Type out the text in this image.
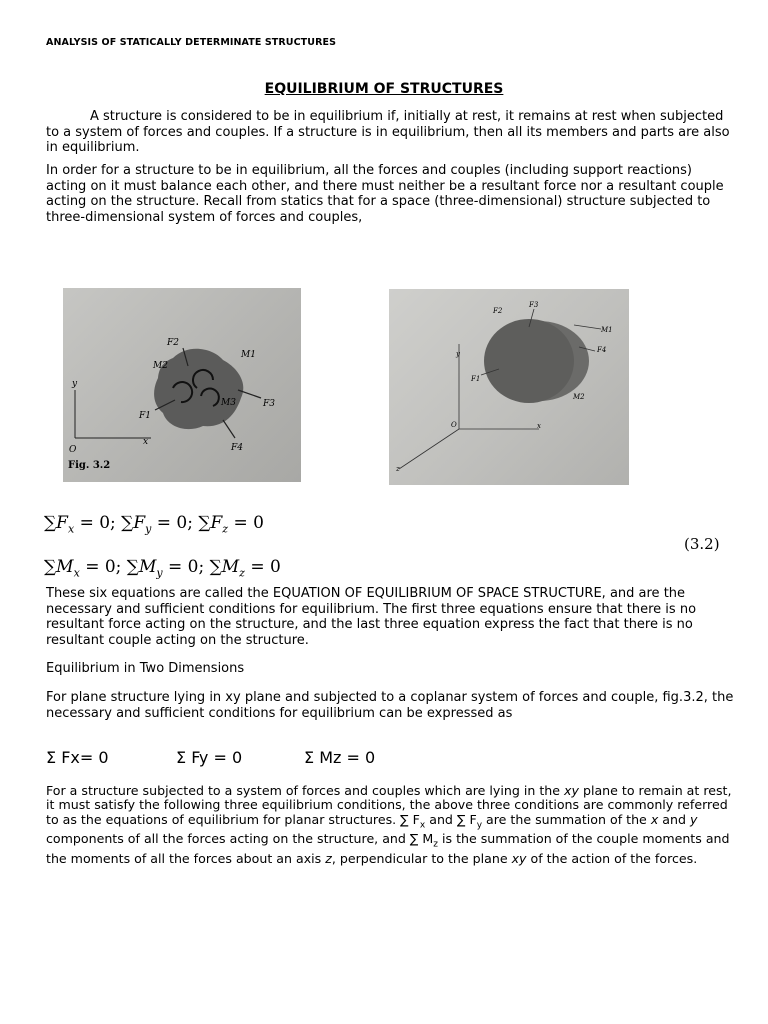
ANALYSIS OF STATICALLY DETERMINATE STRUCTURES
EQUILIBRIUM OF STRUCTURES
A structure is considered to be in equilibrium if, initially at rest, it remains at rest when subjected to a system of forces and couples. If a structure is in equilibrium, then all its members and parts are also in equilibrium.
In order for a structure to be in equilibrium, all the forces and couples (including support reactions) acting on it must balance each other, and there must neither be a resultant force nor a resultant couple acting on the structure. Recall from statics that for a space (three-dimensional) structure subjected to three-dimensional system of forces and couples,
F2
M1
M2
M3	F3
F1
F4
x
y
O
Fig. 3.2
F3
F2
M1
F4
F1
M2
y
x
O
z
$\sum F_x = 0$; $\sum F_y = 0$; $\sum F_z = 0$
(3.2)
$\sum M_x = 0$; $\sum M_y = 0$; $\sum M_z = 0$
These six equations are called the EQUATION OF EQUILIBRIUM OF SPACE STRUCTURE, and are the necessary and sufficient conditions for equilibrium. The first three equations ensure that there is no resultant force acting on the structure, and the last three equation express the fact that there is no resultant couple acting on the structure.
Equilibrium in Two Dimensions
For plane structure lying in xy plane and subjected to a coplanar system of forces and couple, fig.3.2, the necessary and sufficient conditions for equilibrium can be expressed as
Σ Fx= 0	Σ Fy = 0	Σ Mz = 0
For a structure subjected to a system of forces and couples which are lying in the xy plane to remain at rest, it must satisfy the following three equilibrium conditions, the above three conditions are commonly referred to as the equations of equilibrium for planar structures. ∑ $F_x$ and ∑ $F_y$ are the summation of the x and y components of all the forces acting on the structure, and ∑ $M_z$ is the summation of the couple moments and the moments of all the forces about an axis z, perpendicular to the plane xy of the action of the forces.
